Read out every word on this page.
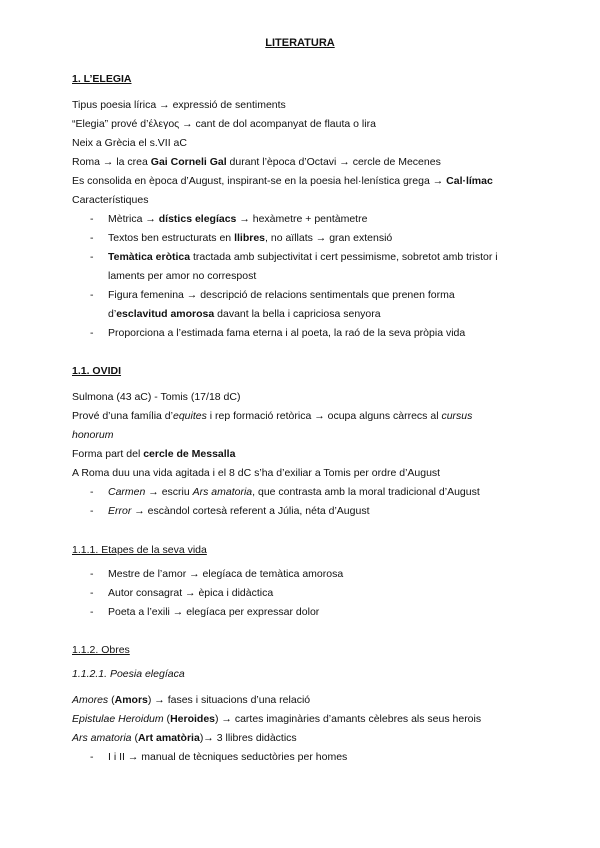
LITERATURA
1. L’ELEGIA
Tipus poesia lírica → expressió de sentiments
“Elegia” prové d’έλεγος → cant de dol acompanyat de flauta o lira
Neix a Grècia el s.VII aC
Roma → la crea Gai Corneli Gal durant l’època d’Octavi → cercle de Mecenes
Es consolida en època d’August, inspirant-se en la poesia hel·lenística grega → Cal·límac
Característiques
- Mètrica → dístics elegíacs → hexàmetre + pentàmetre
- Textos ben estructurats en llibres, no aïllats → gran extensió
- Temàtica eròtica tractada amb subjectivitat i cert pessimisme, sobretot amb tristor i
laments per amor no correspost
- Figura femenina → descripció de relacions sentimentals que prenen forma
d’esclavitud amorosa davant la bella i capriciosa senyora
- Proporciona a l’estimada fama eterna i al poeta, la raó de la seva pròpia vida
1.1. OVIDI
Sulmona (43 aC) - Tomis (17/18 dC)
Prové d’una família d’equites i rep formació retòrica → ocupa alguns càrrecs al cursus
honorum
Forma part del cercle de Messalla
A Roma duu una vida agitada i el 8 dC s’ha d’exiliar a Tomis per ordre d’August
- Carmen → escriu Ars amatoria, que contrasta amb la moral tradicional d’August
- Error → escàndol cortesà referent a Júlia, néta d’August
1.1.1. Etapes de la seva vida
- Mestre de l’amor → elegíaca de temàtica amorosa
- Autor consagrat → èpica i didàctica
- Poeta a l’exili → elegíaca per expressar dolor
1.1.2. Obres
1.1.2.1. Poesia elegíaca
Amores (Amors) → fases i situacions d’una relació
Epistulae Heroidum (Heroides) → cartes imaginàries d’amants cèlebres als seus herois
Ars amatoria (Art amatòria)→ 3 llibres didàctics
- I i II → manual de tècniques seductòries per homes
